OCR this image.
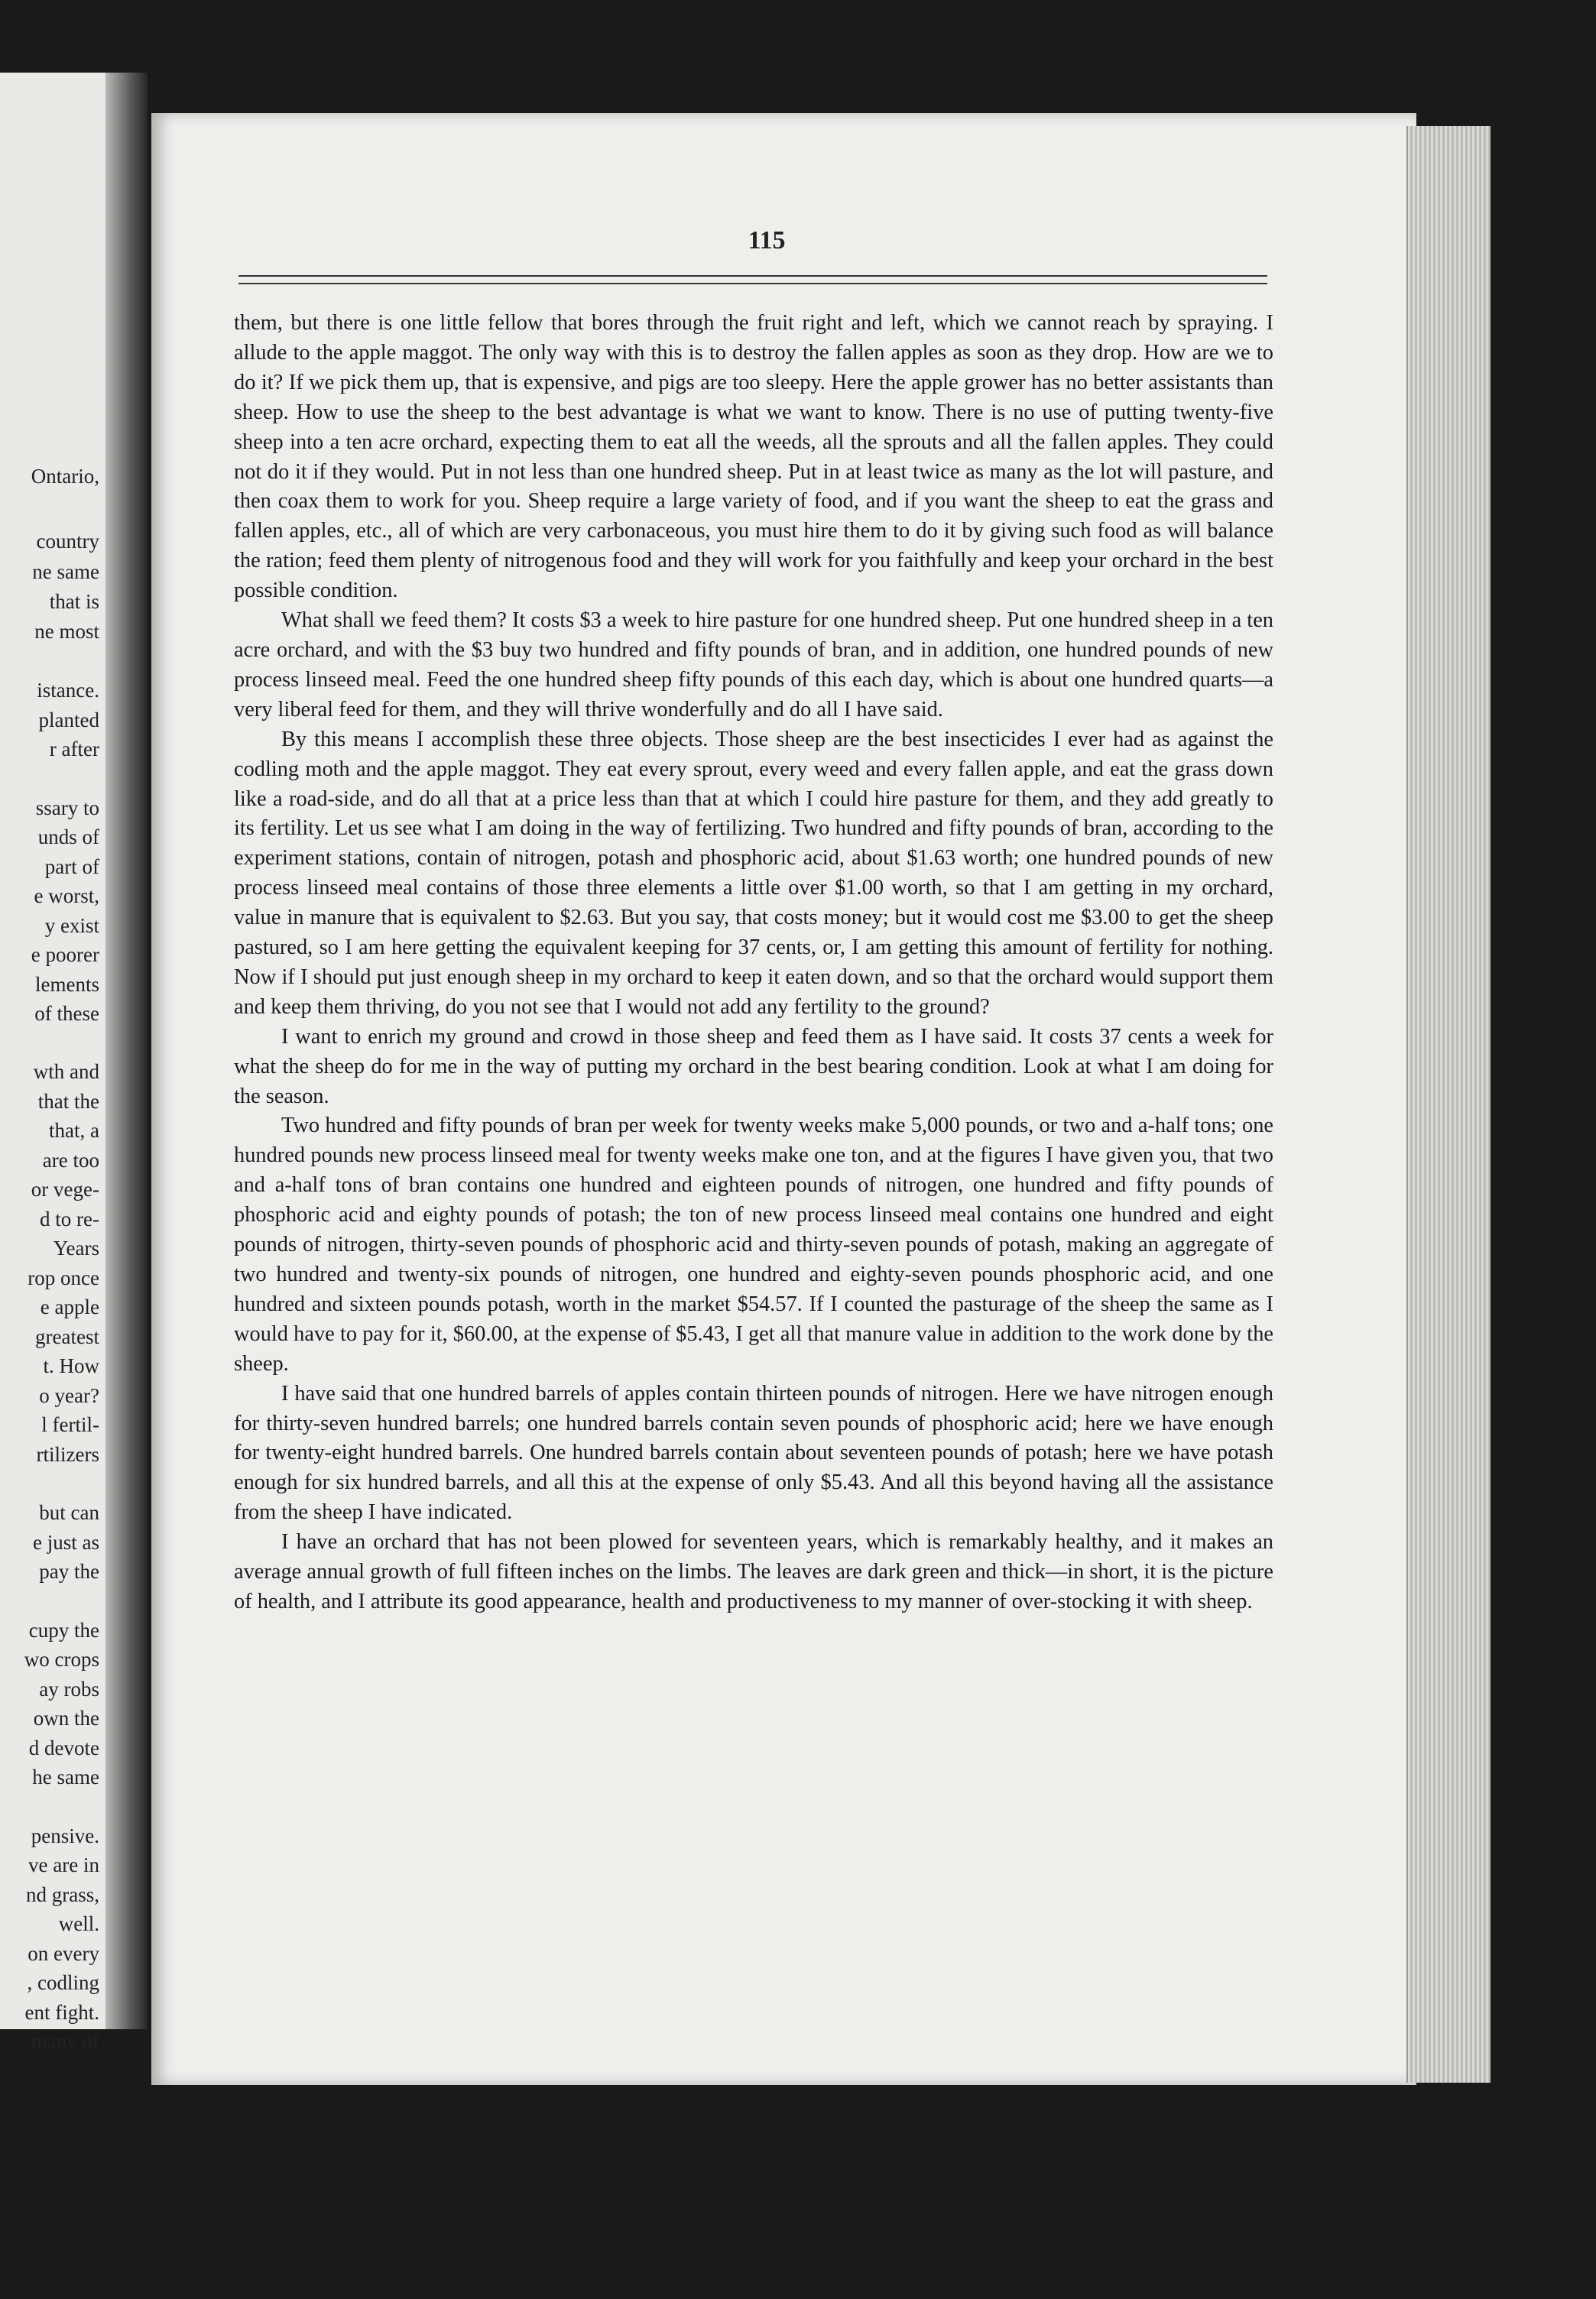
Ontario,
country
ne same
that is
ne most
istance.
planted
r after
ssary to
unds of
part of
e worst,
y exist
e poorer
lements
of these
wth and
that the
that, a
are too
or vege-
d to re-
Years
rop once
e apple
greatest
t. How
o year?
l fertil-
rtilizers
but can
e just as
pay the
cupy the
wo crops
ay robs
own the
d devote
he same
pensive.
ve are in
nd grass,
well.
on every
, codling
ent fight.
many of
115

them, but there is one little fellow that bores through the fruit right and left, which we cannot reach by spraying. I allude to the apple maggot. The only way with this is to destroy the fallen apples as soon as they drop. How are we to do it? If we pick them up, that is expensive, and pigs are too sleepy. Here the apple grower has no better assistants than sheep. How to use the sheep to the best advantage is what we want to know. There is no use of putting twenty-five sheep into a ten acre orchard, expecting them to eat all the weeds, all the sprouts and all the fallen apples. They could not do it if they would. Put in not less than one hundred sheep. Put in at least twice as many as the lot will pasture, and then coax them to work for you. Sheep require a large variety of food, and if you want the sheep to eat the grass and fallen apples, etc., all of which are very carbonaceous, you must hire them to do it by giving such food as will balance the ration; feed them plenty of nitrogenous food and they will work for you faithfully and keep your orchard in the best possible condition.

What shall we feed them? It costs $3 a week to hire pasture for one hundred sheep. Put one hundred sheep in a ten acre orchard, and with the $3 buy two hundred and fifty pounds of bran, and in addition, one hundred pounds of new process linseed meal. Feed the one hundred sheep fifty pounds of this each day, which is about one hundred quarts—a very liberal feed for them, and they will thrive wonderfully and do all I have said.

By this means I accomplish these three objects. Those sheep are the best insecticides I ever had as against the codling moth and the apple maggot. They eat every sprout, every weed and every fallen apple, and eat the grass down like a road-side, and do all that at a price less than that at which I could hire pasture for them, and they add greatly to its fertility. Let us see what I am doing in the way of fertilizing. Two hundred and fifty pounds of bran, according to the experiment stations, contain of nitrogen, potash and phosphoric acid, about $1.63 worth; one hundred pounds of new process linseed meal contains of those three elements a little over $1.00 worth, so that I am getting in my orchard, value in manure that is equivalent to $2.63. But you say, that costs money; but it would cost me $3.00 to get the sheep pastured, so I am here getting the equivalent keeping for 37 cents, or, I am getting this amount of fertility for nothing. Now if I should put just enough sheep in my orchard to keep it eaten down, and so that the orchard would support them and keep them thriving, do you not see that I would not add any fertility to the ground?

I want to enrich my ground and crowd in those sheep and feed them as I have said. It costs 37 cents a week for what the sheep do for me in the way of putting my orchard in the best bearing condition. Look at what I am doing for the season.

Two hundred and fifty pounds of bran per week for twenty weeks make 5,000 pounds, or two and a-half tons; one hundred pounds new process linseed meal for twenty weeks make one ton, and at the figures I have given you, that two and a-half tons of bran contains one hundred and eighteen pounds of nitrogen, one hundred and fifty pounds of phosphoric acid and eighty pounds of potash; the ton of new process linseed meal contains one hundred and eight pounds of nitrogen, thirty-seven pounds of phosphoric acid and thirty-seven pounds of potash, making an aggregate of two hundred and twenty-six pounds of nitrogen, one hundred and eighty-seven pounds phosphoric acid, and one hundred and sixteen pounds potash, worth in the market $54.57. If I counted the pasturage of the sheep the same as I would have to pay for it, $60.00, at the expense of $5.43, I get all that manure value in addition to the work done by the sheep.

I have said that one hundred barrels of apples contain thirteen pounds of nitrogen. Here we have nitrogen enough for thirty-seven hundred barrels; one hundred barrels contain seven pounds of phosphoric acid; here we have enough for twenty-eight hundred barrels. One hundred barrels contain about seventeen pounds of potash; here we have potash enough for six hundred barrels, and all this at the expense of only $5.43. And all this beyond having all the assistance from the sheep I have indicated.

I have an orchard that has not been plowed for seventeen years, which is remarkably healthy, and it makes an average annual growth of full fifteen inches on the limbs. The leaves are dark green and thick—in short, it is the picture of health, and I attribute its good appearance, health and productiveness to my manner of over-stocking it with sheep.
